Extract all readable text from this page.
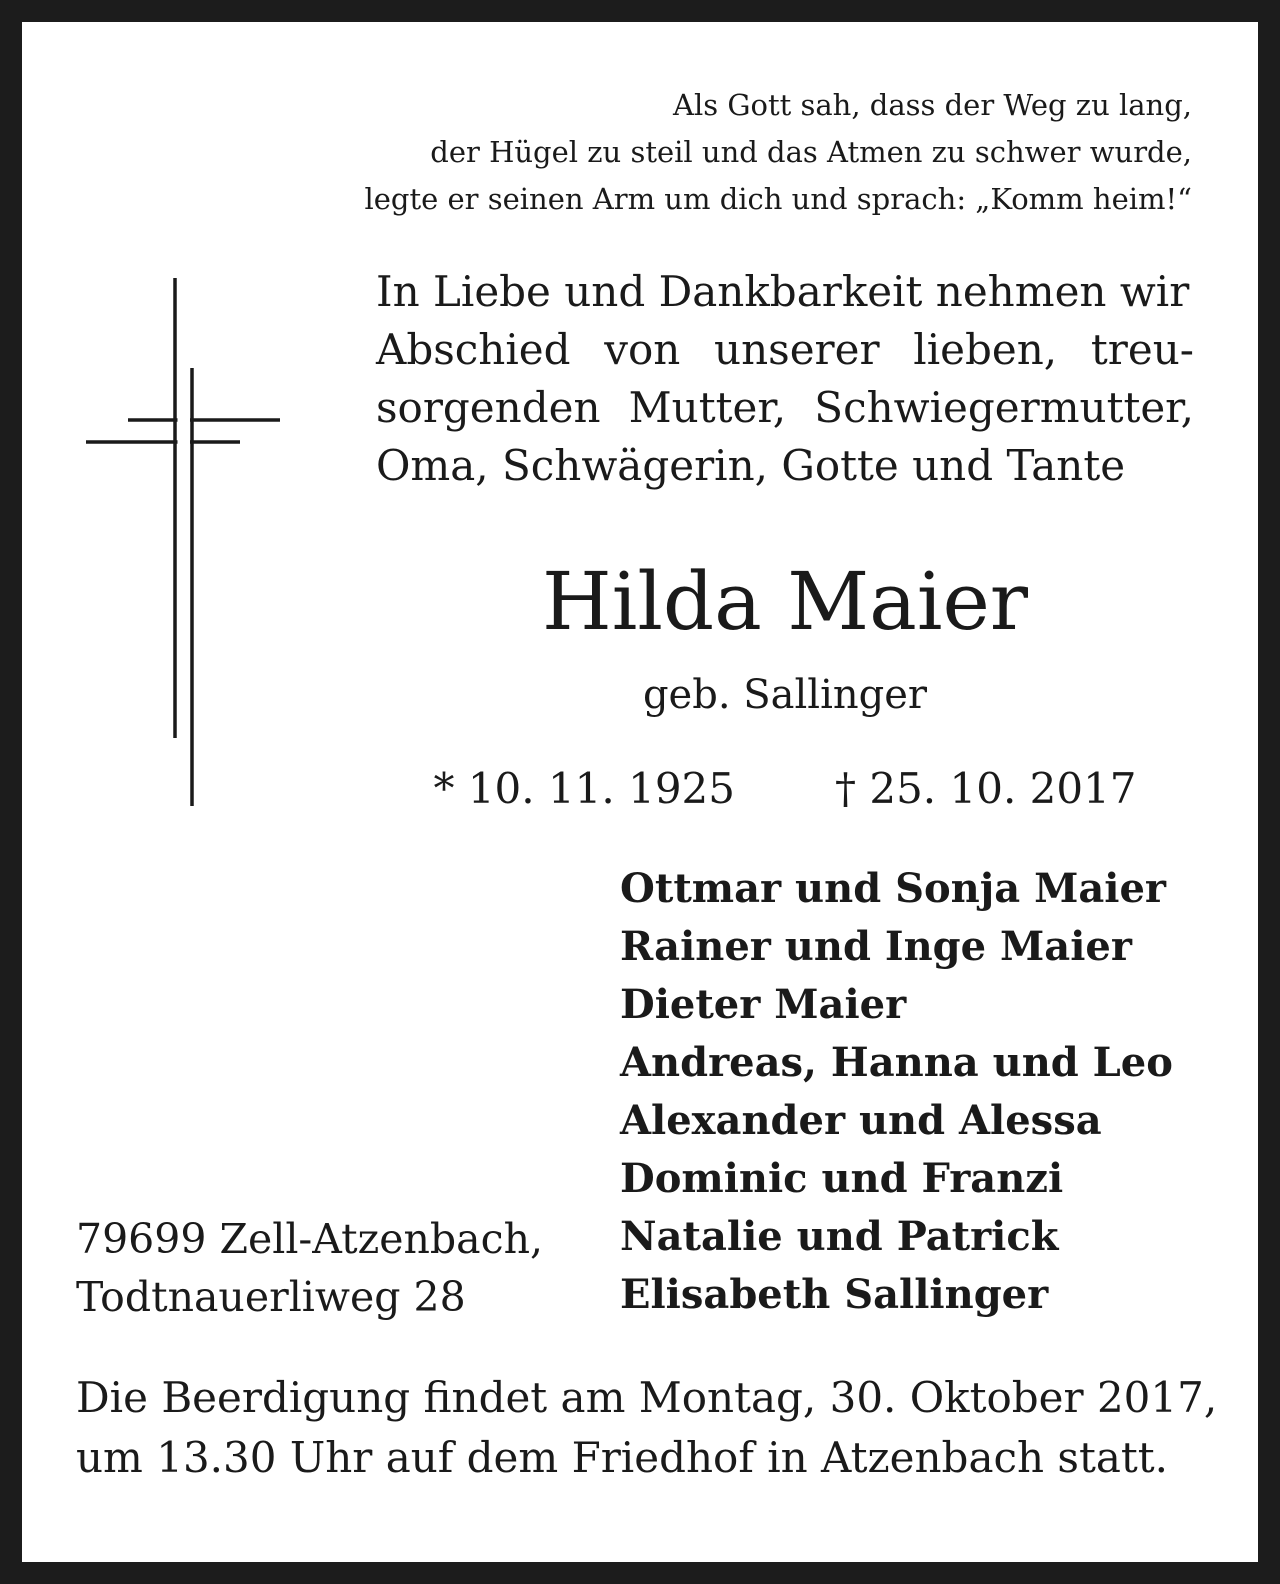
Als Gott sah, dass der Weg zu lang,
der Hügel zu steil und das Atmen zu schwer wurde,
legte er seinen Arm um dich und sprach: „Komm heim!“
In Liebe und Dankbarkeit nehmen wir
Abschied von unserer lieben, treu-
sorgenden Mutter, Schwiegermutter,
Oma, Schwägerin, Gotte und Tante
Hilda Maier
geb. Sallinger
* 10. 11. 1925 † 25. 10. 2017
Ottmar und Sonja Maier
Rainer und Inge Maier
Dieter Maier
Andreas, Hanna und Leo
Alexander und Alessa
Dominic und Franzi
Natalie und Patrick
Elisabeth Sallinger
79699 Zell-Atzenbach,
Todtnauerliweg 28
Die Beerdigung findet am Montag, 30. Oktober 2017,
um 13.30 Uhr auf dem Friedhof in Atzenbach statt.
